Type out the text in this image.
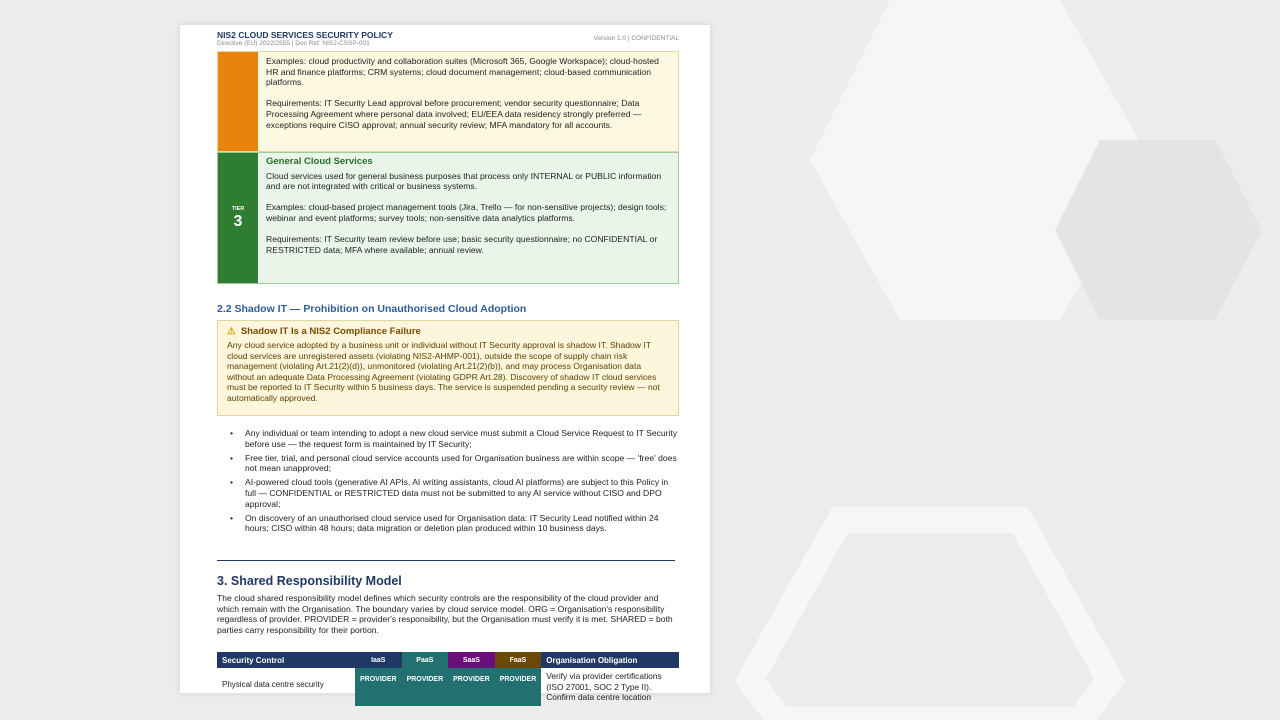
NIS2 CLOUD SERVICES SECURITY POLICY
Directive (EU) 2022/2555 | Doc Ref: NIS2-CSSP-001
Version 1.0 | CONFIDENTIAL

Examples: cloud productivity and collaboration suites (Microsoft 365, Google Workspace); cloud-hosted HR and finance platforms; CRM systems; cloud document management; cloud-based communication platforms.

Requirements: IT Security Lead approval before procurement; vendor security questionnaire; Data Processing Agreement where personal data involved; EU/EEA data residency strongly preferred — exceptions require CISO approval; annual security review; MFA mandatory for all accounts.

TIER
3
General Cloud Services

Cloud services used for general business purposes that process only INTERNAL or PUBLIC information and are not integrated with critical or business systems.

Examples: cloud-based project management tools (Jira, Trello — for non-sensitive projects); design tools; webinar and event platforms; survey tools; non-sensitive data analytics platforms.

Requirements: IT Security team review before use; basic security questionnaire; no CONFIDENTIAL or RESTRICTED data; MFA where available; annual review.

2.2 Shadow IT — Prohibition on Unauthorised Cloud Adoption
⚠ Shadow IT Is a NIS2 Compliance Failure

Any cloud service adopted by a business unit or individual without IT Security approval is shadow IT. Shadow IT cloud services are unregistered assets (violating NIS2-AHMP-001), outside the scope of supply chain risk management (violating Art.21(2)(d)), unmonitored (violating Art.21(2)(b)), and may process Organisation data without an adequate Data Processing Agreement (violating GDPR Art.28). Discovery of shadow IT cloud services must be reported to IT Security within 5 business days. The service is suspended pending a security review — not automatically approved.

• Any individual or team intending to adopt a new cloud service must submit a Cloud Service Request to IT Security before use — the request form is maintained by IT Security;
• Free tier, trial, and personal cloud service accounts used for Organisation business are within scope — 'free' does not mean unapproved;
• AI-powered cloud tools (generative AI APIs, AI writing assistants, cloud AI platforms) are subject to this Policy in full — CONFIDENTIAL or RESTRICTED data must not be submitted to any AI service without CISO and DPO approval;
• On discovery of an unauthorised cloud service used for Organisation data: IT Security Lead notified within 24 hours; CISO within 48 hours; data migration or deletion plan produced within 10 business days.
3. Shared Responsibility Model
The cloud shared responsibility model defines which security controls are the responsibility of the cloud provider and which remain with the Organisation. The boundary varies by cloud service model. ORG = Organisation's responsibility regardless of provider. PROVIDER = provider's responsibility, but the Organisation must verify it is met. SHARED = both parties carry responsibility for their portion.
Security Control	IaaS	PaaS	SaaS	FaaS	Organisation Obligation
Physical data centre security	PROVIDER	PROVIDER	PROVIDER	PROVIDER	Verify via provider certifications (ISO 27001, SOC 2 Type II). Confirm data centre location
